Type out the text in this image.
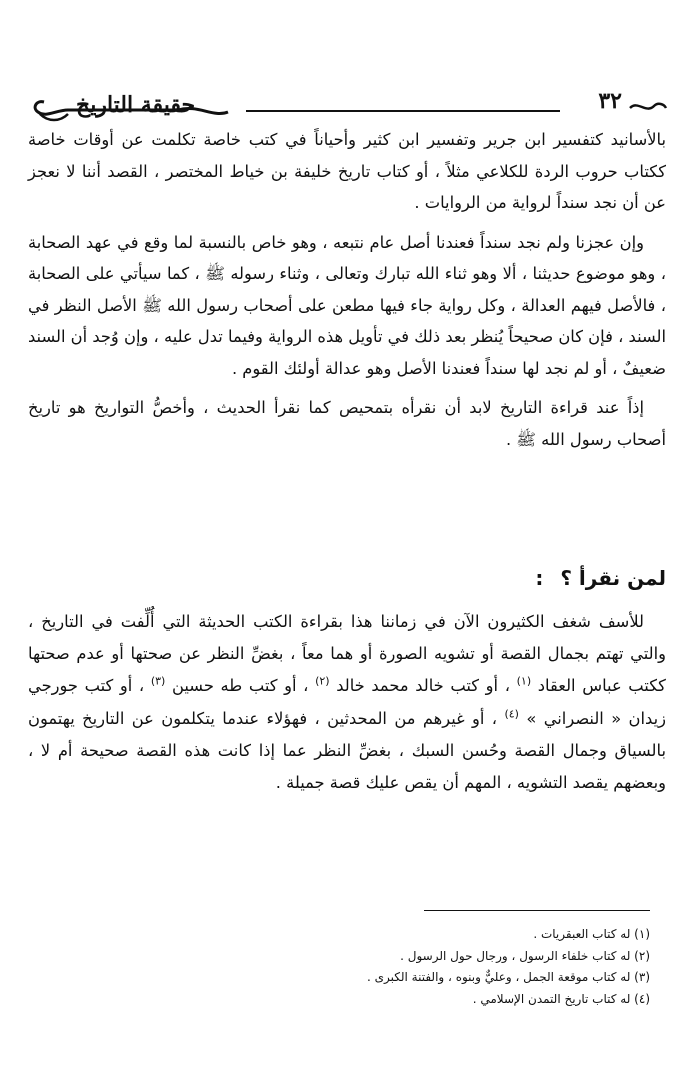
حقيقة التاريخ	٣٢

بالأسانيد كتفسير ابن جرير وتفسير ابن كثير وأحياناً في كتب خاصة تكلمت عن أوقات خاصة ككتاب حروب الردة للكلاعي مثلاً ، أو كتاب تاريخ خليفة بن خياط المختصر ، القصد أننا لا نعجز عن أن نجد سنداً لرواية من الروايات .

وإن عجزنا ولم نجد سنداً فعندنا أصل عام نتبعه ، وهو خاص بالنسبة لما وقع في عهد الصحابة ، وهو موضوع حديثنا ، ألا وهو ثناء الله تبارك وتعالى ، وثناء رسوله ﷺ ، كما سيأتي على الصحابة ، فالأصل فيهم العدالة ، وكل رواية جاء فيها مطعن على أصحاب رسول الله ﷺ الأصل النظر في السند ، فإن كان صحيحاً يُنظر بعد ذلك في تأويل هذه الرواية وفيما تدل عليه ، وإن وُجد أن السند ضعيفٌ ، أو لم نجد لها سنداً فعندنا الأصل وهو عدالة أولئك القوم .

إذاً عند قراءة التاريخ لابد أن نقرأه بتمحيص كما نقرأ الحديث ، وأخصُّ التواريخ هو تاريخ أصحاب رسول الله ﷺ .

لمن نقرأ ؟ :

للأسف شغف الكثيرون الآن في زماننا هذا بقراءة الكتب الحديثة التي أُلِّفت في التاريخ ، والتي تهتم بجمال القصة أو تشويه الصورة أو هما معاً ، بغضِّ النظر عن صحتها أو عدم صحتها ككتب عباس العقاد $^{(١)}$ ، أو كتب خالد محمد خالد $^{(٢)}$ ، أو كتب طه حسين $^{(٣)}$ ، أو كتب جورجي زيدان « النصراني » $^{(٤)}$ ، أو غيرهم من المحدثين ، فهؤلاء عندما يتكلمون عن التاريخ يهتمون بالسياق وجمال القصة وحُسن السبك ، بغضِّ النظر عما إذا كانت هذه القصة صحيحة أم لا ، وبعضهم يقصد التشويه ، المهم أن يقص عليك قصة جميلة .

(١) له كتاب العبقريات .
(٢) له كتاب خلفاء الرسول ، ورجال حول الرسول .
(٣) له كتاب موقعة الجمل ، وعليٌّ وبنوه ، والفتنة الكبرى .
(٤) له كتاب تاريخ التمدن الإسلامي .
